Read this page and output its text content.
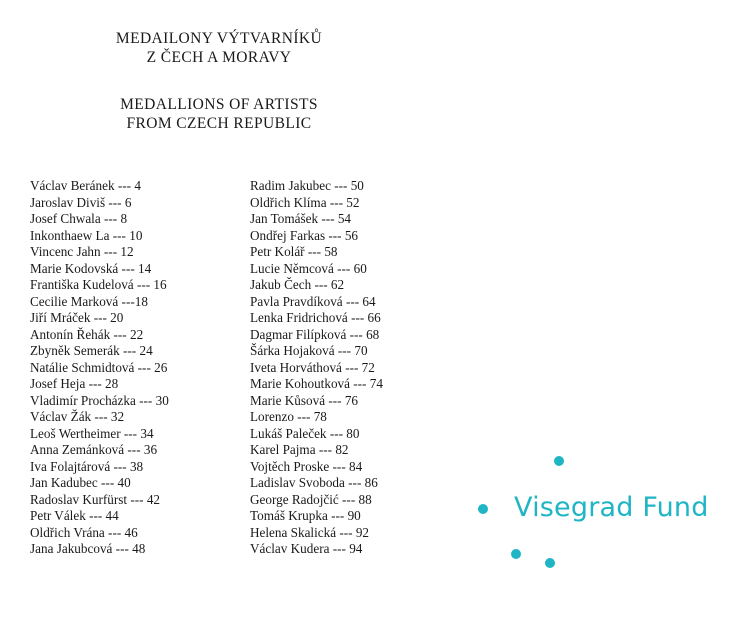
MEDAILONY VÝTVARNÍKŮ
Z ČECH A MORAVY
MEDALLIONS OF ARTISTS
FROM CZECH REPUBLIC
Václav Beránek --- 4
Jaroslav Diviš --- 6
Josef Chwala --- 8
Inkonthaew La --- 10
Vincenc Jahn --- 12
Marie Kodovská --- 14
Františka Kudelová --- 16
Cecilie Marková ---18
Jiří Mráček --- 20
Antonín Řehák --- 22
Zbyněk Semerák --- 24
Natálie Schmidtová --- 26
Josef Heja --- 28
Vladimír Procházka --- 30
Václav Žák --- 32
Leoš Wertheimer --- 34
Anna Zemánková --- 36
Iva Folajtárová --- 38
Jan Kadubec --- 40
Radoslav Kurfürst --- 42
Petr Válek --- 44
Oldřich Vrána --- 46
Jana Jakubcová --- 48
Radim Jakubec --- 50
Oldřich Klíma --- 52
Jan Tomášek --- 54
Ondřej Farkas --- 56
Petr Kolář --- 58
Lucie Němcová --- 60
Jakub Čech --- 62
Pavla Pravdíková --- 64
Lenka Fridrichová --- 66
Dagmar Filípková --- 68
Šárka Hojaková --- 70
Iveta Horváthová --- 72
Marie Kohoutková --- 74
Marie Kůsová --- 76
Lorenzo --- 78
Lukáš Paleček --- 80
Karel Pajma --- 82
Vojtěch Proske --- 84
Ladislav Svoboda --- 86
George Radojčić --- 88
Tomáš Krupka --- 90
Helena Skalická --- 92
Václav Kudera --- 94
Visegrad Fund
